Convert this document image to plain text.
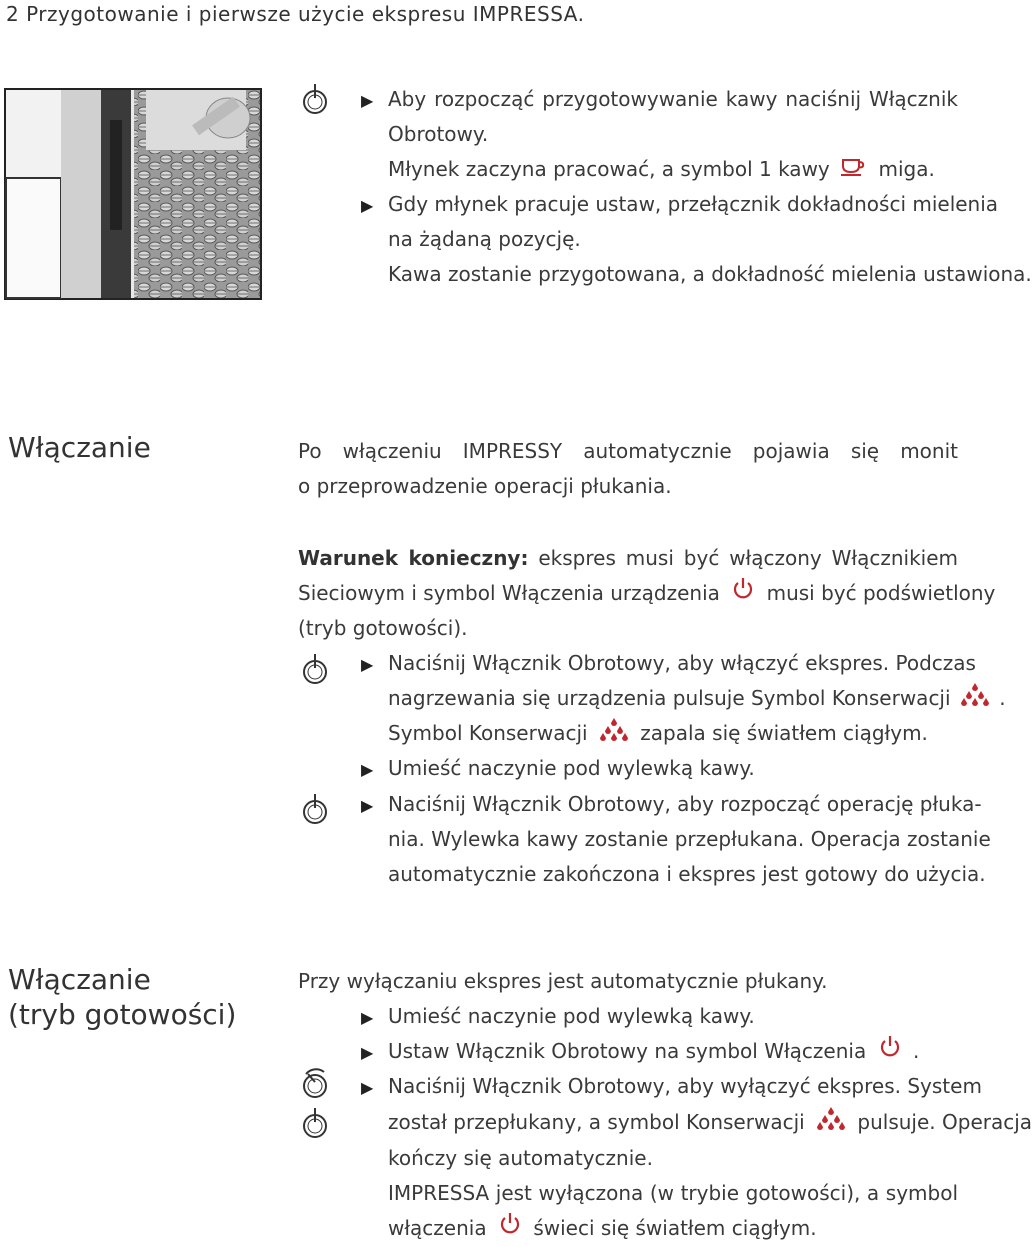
2 Przygotowanie i pierwsze użycie ekspresu IMPRESSA.
▶ Aby rozpocząć przygotowywanie kawy naciśnij Włącznik
Obrotowy.
Młynek zaczyna pracować, a symbol 1 kawy miga.
▶ Gdy młynek pracuje ustaw, przełącznik dokładności mielenia
na żądaną pozycję.
Kawa zostanie przygotowana, a dokładność mielenia ustawiona.
Włączanie	Po włączeniu IMPRESSY automatycznie pojawia się monit
o przeprowadzenie operacji płukania.
Warunek konieczny: ekspres musi być włączony Włącznikiem
Sieciowym i symbol Włączenia urządzenia musi być podświetlony
(tryb gotowości).
▶ Naciśnij Włącznik Obrotowy, aby włączyć ekspres. Podczas
nagrzewania się urządzenia pulsuje Symbol Konserwacji .
Symbol Konserwacji	zapala się światłem ciągłym.
▶ Umieść naczynie pod wylewką kawy.
▶ Naciśnij Włącznik Obrotowy, aby rozpocząć operację płuka-
nia. Wylewka kawy zostanie przepłukana. Operacja zostanie
automatycznie zakończona i ekspres jest gotowy do użycia.
Włączanie
(tryb gotowości)
Przy wyłączaniu ekspres jest automatycznie płukany.
▶ Umieść naczynie pod wylewką kawy.
▶ Ustaw Włącznik Obrotowy na symbol Włączenia .
▶ Naciśnij Włącznik Obrotowy, aby wyłączyć ekspres. System
został przepłukany, a symbol Konserwacji	pulsuje. Operacja
kończy się automatycznie.
IMPRESSA jest wyłączona (w trybie gotowości), a symbol
włączenia świeci się światłem ciągłym.
